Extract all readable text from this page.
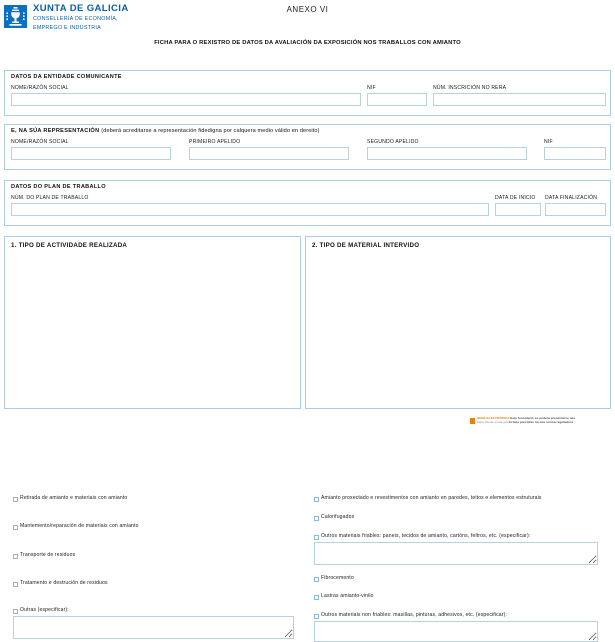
XUNTA DE GALICIA
CONSELLERÍA DE ECONOMÍA,
EMPREGO E INDUSTRIA
ANEXO VI
FICHA PARA O REXISTRO DE DATOS DA AVALIACIÓN DA EXPOSICIÓN NOS TRABALLOS CON AMIANTO
DATOS DA ENTIDADE COMUNICANTE
NOME/RAZÓN SOCIAL	NIF	NÚM. INSCRICIÓN NO RERA
E, NA SÚA REPRESENTACIÓN (deberá acreditarse a representación fidedigna por calquera medio válido en dereito)
NOME/RAZÓN SOCIAL	PRIMEIRO APELIDO	SEGUNDO APELIDO	NIF
DATOS DO PLAN DE TRABALLO
NÚM. DO PLAN DE TRABALLO	DATA DE INICIO DATA FINALIZACIÓN
1. TIPO DE ACTIVIDADE REALIZADA
Retirada de amianto e materiais con amianto
Mantemento/reparación de materiais con amianto
Transporte de residuos
Tratamento e destrución de residuos
Outras (especificar):
2. TIPO DE MATERIAL INTERVIDO
Amianto proxectado e revestimentos con amianto en paredes, teitos e elementos estruturais
Calorifugados
Outros materiais friables: paneis, tecidos de amianto, cartóns, feltros, etc. (especificar):
Fibrocemento
Lastras amianto-vinilo
Outros materiais non friables: masillas, pinturas, adhesivos, etc. (especificar):
SEDE ELECTRÓNICA Este formulario só poderá presentarse nas
https://sede.xunta.gal formas previstas na súa norma reguladora
